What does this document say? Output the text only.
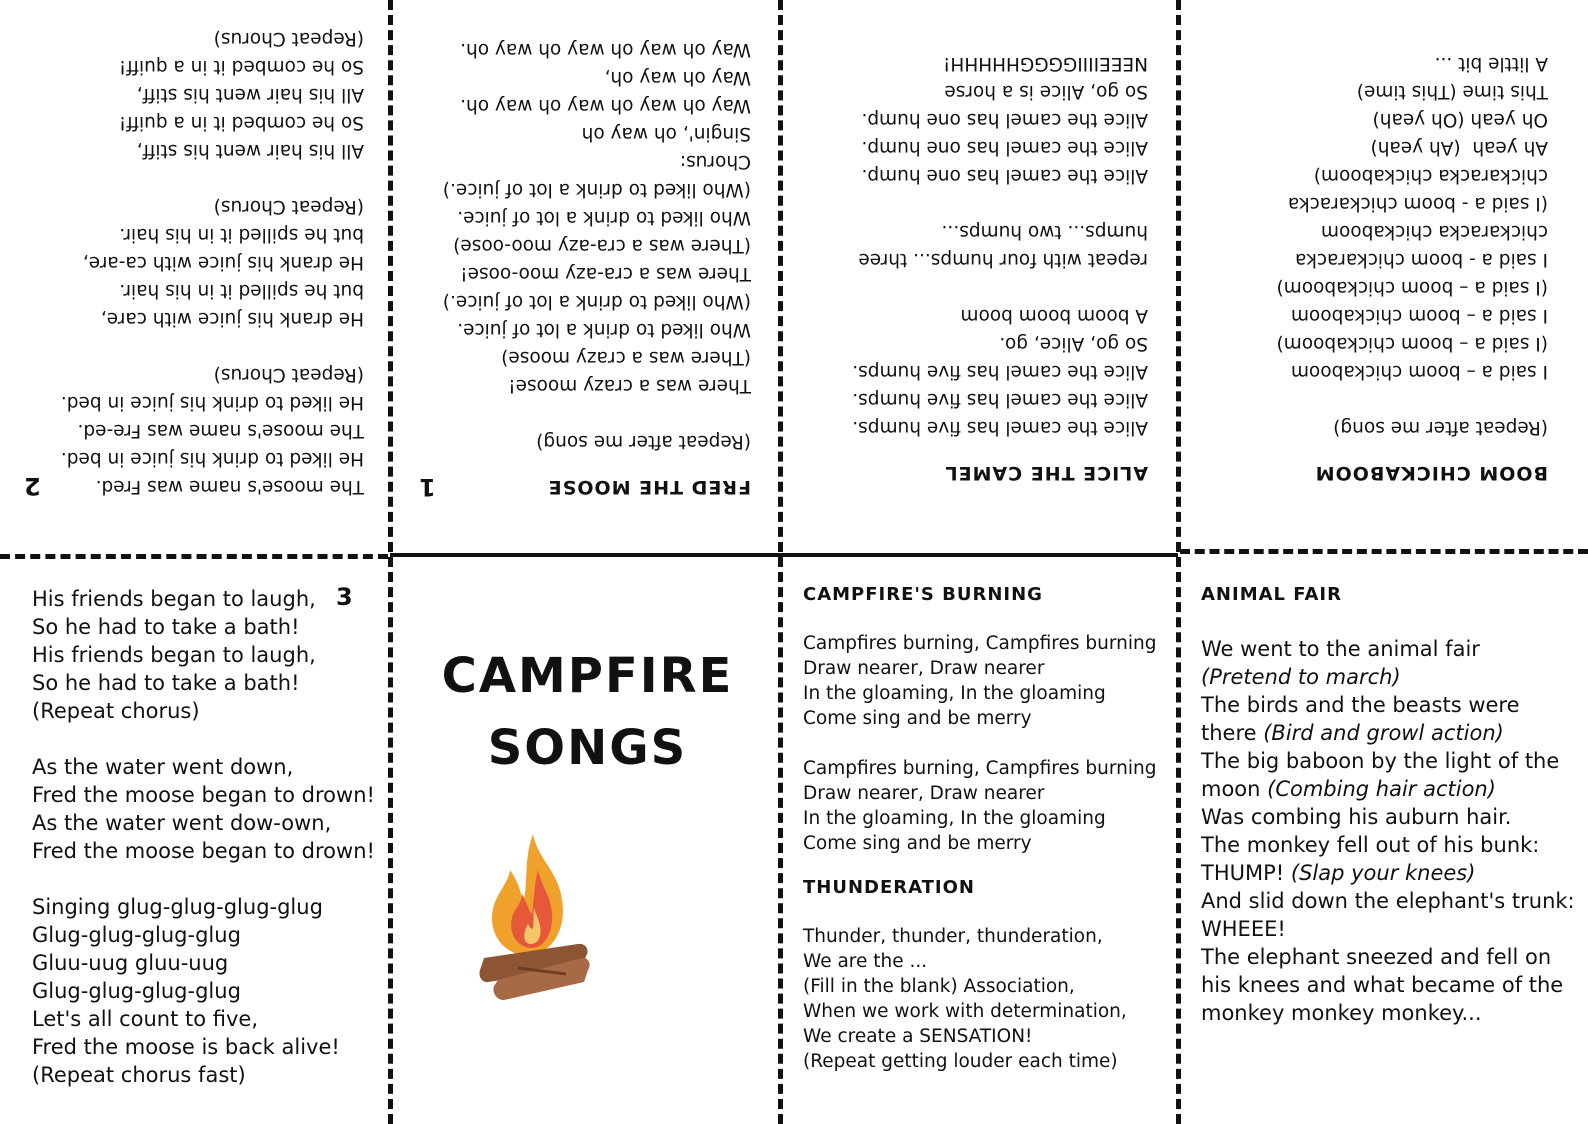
BOOM CHICKABOOM
(Repeat after me song)

I said a – boom chickaboom
(I said a – boom chickaboom)
I said a – boom chickaboom
(I said a – boom chickaboom)
I said a - boom chickaracka
chickaracka chickaboom
(I said a - boom chickaracka
chickaracka chickaboom)
Ah yeah  (Ah yeah)
Oh yeah (Oh yeah)
This time (This time)
A little bit ...
ALICE THE CAMEL
Alice the camel has five humps.
Alice the camel has five humps.
Alice the camel has five humps.
So go, Alice, go.
A boom boom boom

repeat with four humps... three
humps... two humps...

Alice the camel has one hump.
Alice the camel has one hump.
Alice the camel has one hump.
So go, Alice is a horse
NEEEIIIIGGGGHHHHH!
1	FRED THE MOOSE
(Repeat after me song)

There was a crazy moose!
(There was a crazy moose)
Who liked to drink a lot of juice.
(Who liked to drink a lot of juice.)
There was a cra-azy moo-oose!
(There was a cra-azy moo-oose)
Who liked to drink a lot of juice.
(Who liked to drink a lot of juice.)
Chorus:
Singin', oh way oh
Way oh way oh way oh way oh.
Way oh way oh,
Way oh way oh way oh way oh.
2	The moose's name was Fred.
He liked to drink his juice in bed.
The moose's name was Fre-ed.
He liked to drink his juice in bed.
(Repeat Chorus)

He drank his juice with care,
but he spilled it in his hair.
He drank his juice with ca-are,
but he spilled it in his hair.
(Repeat Chorus)

All his hair went his stiff,
So he combed it in a quiff!
All his hair went his stiff,
So he combed it in a quiff!
(Repeat Chorus)
3
His friends began to laugh,
So he had to take a bath!
His friends began to laugh,
So he had to take a bath!
(Repeat chorus)

As the water went down,
Fred the moose began to drown!
As the water went dow-own,
Fred the moose began to drown!

Singing glug-glug-glug-glug
Glug-glug-glug-glug
Gluu-uug gluu-uug
Glug-glug-glug-glug
Let's all count to five,
Fred the moose is back alive!
(Repeat chorus fast)
CAMPFIRE
SONGS
CAMPFIRE'S BURNING
Campfires burning, Campfires burning
Draw nearer, Draw nearer
In the gloaming, In the gloaming
Come sing and be merry

Campfires burning, Campfires burning
Draw nearer, Draw nearer
In the gloaming, In the gloaming
Come sing and be merry
THUNDERATION
Thunder, thunder, thunderation,
We are the ...
(Fill in the blank) Association,
When we work with determination,
We create a SENSATION!
(Repeat getting louder each time)
ANIMAL FAIR
We went to the animal fair
(Pretend to march)
The birds and the beasts were
there (Bird and growl action)
The big baboon by the light of the
moon (Combing hair action)
Was combing his auburn hair.
The monkey fell out of his bunk:
THUMP! (Slap your knees)
And slid down the elephant's trunk:
WHEEE!
The elephant sneezed and fell on
his knees and what became of the
monkey monkey monkey...
